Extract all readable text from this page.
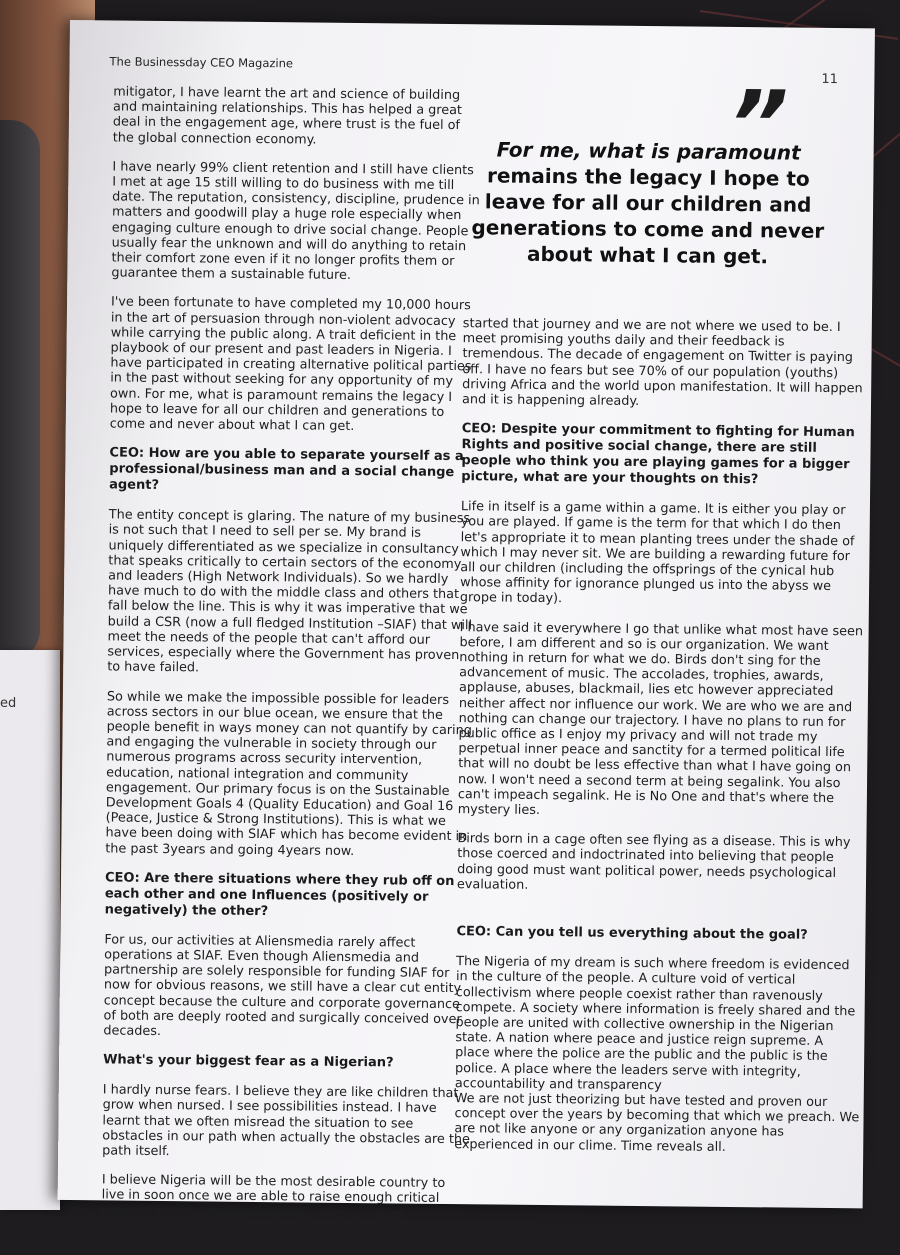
ed
The Businessday CEO Magazine
11

mitigator, I have learnt the art and science of building and maintaining relationships. This has helped a great deal in the engagement age, where trust is the fuel of the global connection economy.

I have nearly 99% client retention and I still have clients I met at age 15 still willing to do business with me till date. The reputation, consistency, discipline, prudence in matters and goodwill play a huge role especially when engaging culture enough to drive social change. People usually fear the unknown and will do anything to retain their comfort zone even if it no longer profits them or guarantee them a sustainable future.

I've been fortunate to have completed my 10,000 hours in the art of persuasion through non-violent advocacy while carrying the public along. A trait deficient in the playbook of our present and past leaders in Nigeria. I have participated in creating alternative political parties in the past without seeking for any opportunity of my own. For me, what is paramount remains the legacy I hope to leave for all our children and generations to come and never about what I can get.

CEO: How are you able to separate yourself as a professional/business man and a social change agent?

The entity concept is glaring. The nature of my business is not such that I need to sell per se. My brand is uniquely differentiated as we specialize in consultancy that speaks critically to certain sectors of the economy and leaders (High Network Individuals). So we hardly have much to do with the middle class and others that fall below the line. This is why it was imperative that we build a CSR (now a full fledged Institution –SIAF) that will meet the needs of the people that can't afford our services, especially where the Government has proven to have failed.

So while we make the impossible possible for leaders across sectors in our blue ocean, we ensure that the people benefit in ways money can not quantify by caring and engaging the vulnerable in society through our numerous programs across security intervention, education, national integration and community engagement. Our primary focus is on the Sustainable Development Goals 4 (Quality Education) and Goal 16 (Peace, Justice & Strong Institutions). This is what we have been doing with SIAF which has become evident in the past 3years and going 4years now.

CEO: Are there situations where they rub off on each other and one Influences (positively or negatively) the other?

For us, our activities at Aliensmedia rarely affect operations at SIAF. Even though Aliensmedia and partnership are solely responsible for funding SIAF for now for obvious reasons, we still have a clear cut entity concept because the culture and corporate governance of both are deeply rooted and surgically conceived over decades.

What's your biggest fear as a Nigerian?

I hardly nurse fears. I believe they are like children that grow when nursed. I see possibilities instead. I have learnt that we often misread the situation to see obstacles in our path when actually the obstacles are the path itself.

I believe Nigeria will be the most desirable country to live in soon once we are able to raise enough critical mass of transformational leaders who can think differently. We have

”
For me, what is paramount remains the legacy I hope to leave for all our children and generations to come and never about what I can get.

started that journey and we are not where we used to be. I meet promising youths daily and their feedback is tremendous. The decade of engagement on Twitter is paying off. I have no fears but see 70% of our population (youths) driving Africa and the world upon manifestation. It will happen and it is happening already.

CEO: Despite your commitment to fighting for Human Rights and positive social change, there are still people who think you are playing games for a bigger picture, what are your thoughts on this?

Life in itself is a game within a game. It is either you play or you are played. If game is the term for that which I do then let's appropriate it to mean planting trees under the shade of which I may never sit. We are building a rewarding future for all our children (including the offsprings of the cynical hub whose affinity for ignorance plunged us into the abyss we grope in today).

I have said it everywhere I go that unlike what most have seen before, I am different and so is our organization. We want nothing in return for what we do. Birds don't sing for the advancement of music. The accolades, trophies, awards, applause, abuses, blackmail, lies etc however appreciated neither affect nor influence our work. We are who we are and nothing can change our trajectory. I have no plans to run for public office as I enjoy my privacy and will not trade my perpetual inner peace and sanctity for a termed political life that will no doubt be less effective than what I have going on now. I won't need a second term at being segalink. You also can't impeach segalink. He is No One and that's where the mystery lies.

Birds born in a cage often see flying as a disease. This is why those coerced and indoctrinated into believing that people doing good must want political power, needs psychological evaluation.

CEO: Can you tell us everything about the goal?

The Nigeria of my dream is such where freedom is evidenced in the culture of the people. A culture void of vertical collectivism where people coexist rather than ravenously compete. A society where information is freely shared and the people are united with collective ownership in the Nigerian state. A nation where peace and justice reign supreme. A place where the police are the public and the public is the police. A place where the leaders serve with integrity, accountability and transparency
We are not just theorizing but have tested and proven our concept over the years by becoming that which we preach. We are not like anyone or any organization anyone has experienced in our clime. Time reveals all.
